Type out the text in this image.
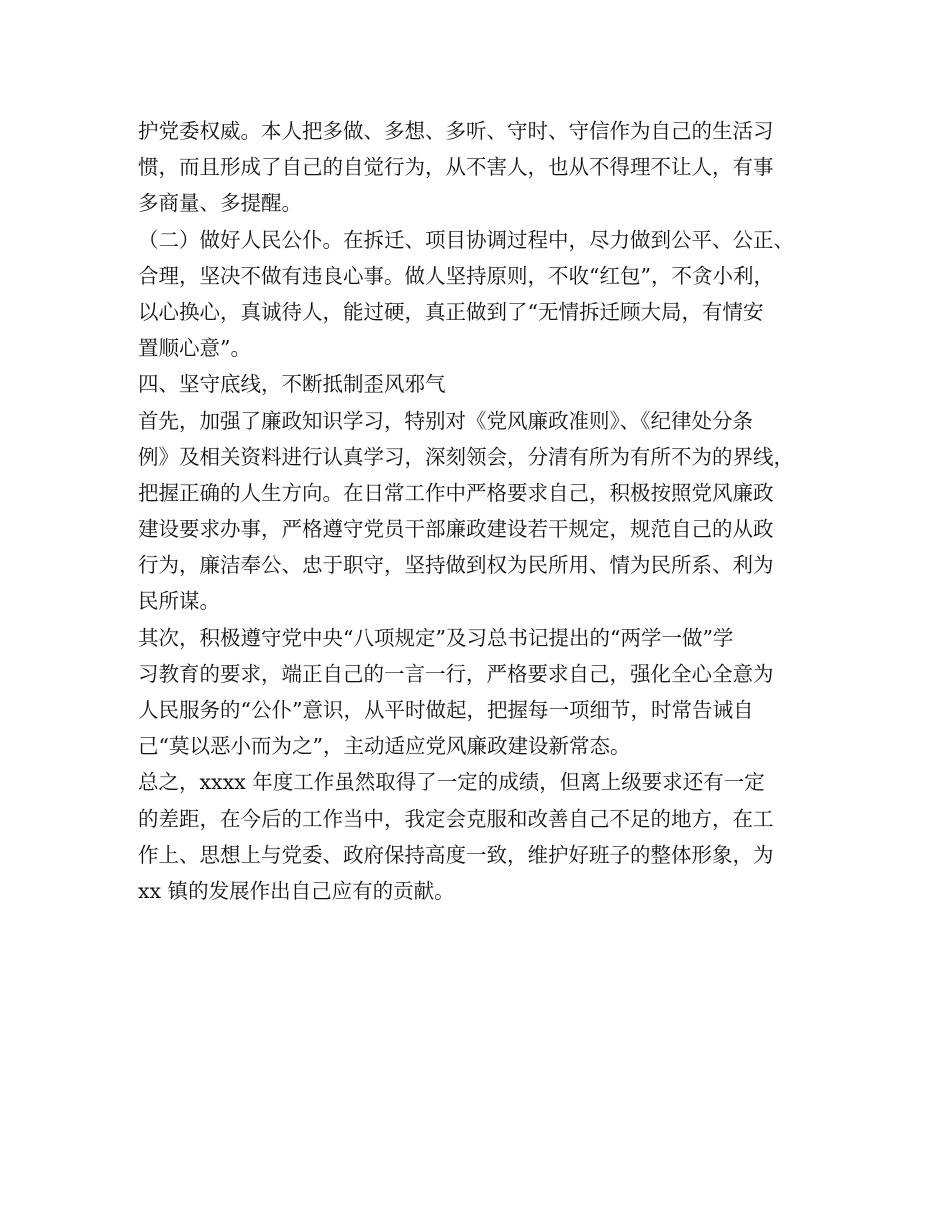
护党委权威。本人把多做、多想、多听、守时、守信作为自己的生活习
惯，而且形成了自己的自觉行为，从不害人，也从不得理不让人，有事
多商量、多提醒。
（二）做好人民公仆。在拆迁、项目协调过程中，尽力做到公平、公正、
合理，坚决不做有违良心事。做人坚持原则，不收“红包”，不贪小利，
以心换心，真诚待人，能过硬，真正做到了“无情拆迁顾大局，有情安
置顺心意”。
四、坚守底线，不断抵制歪风邪气
首先，加强了廉政知识学习，特别对《党风廉政准则》、《纪律处分条
例》及相关资料进行认真学习，深刻领会，分清有所为有所不为的界线，
把握正确的人生方向。在日常工作中严格要求自己，积极按照党风廉政
建设要求办事，严格遵守党员干部廉政建设若干规定，规范自己的从政
行为，廉洁奉公、忠于职守，坚持做到权为民所用、情为民所系、利为
民所谋。
其次，积极遵守党中央“八项规定”及习总书记提出的“两学一做”学
习教育的要求，端正自己的一言一行，严格要求自己，强化全心全意为
人民服务的“公仆”意识，从平时做起，把握每一项细节，时常告诫自
己“莫以恶小而为之”，主动适应党风廉政建设新常态。
总之，xxxx 年度工作虽然取得了一定的成绩，但离上级要求还有一定
的差距，在今后的工作当中，我定会克服和改善自己不足的地方，在工
作上、思想上与党委、政府保持高度一致，维护好班子的整体形象，为
xx 镇的发展作出自己应有的贡献。
